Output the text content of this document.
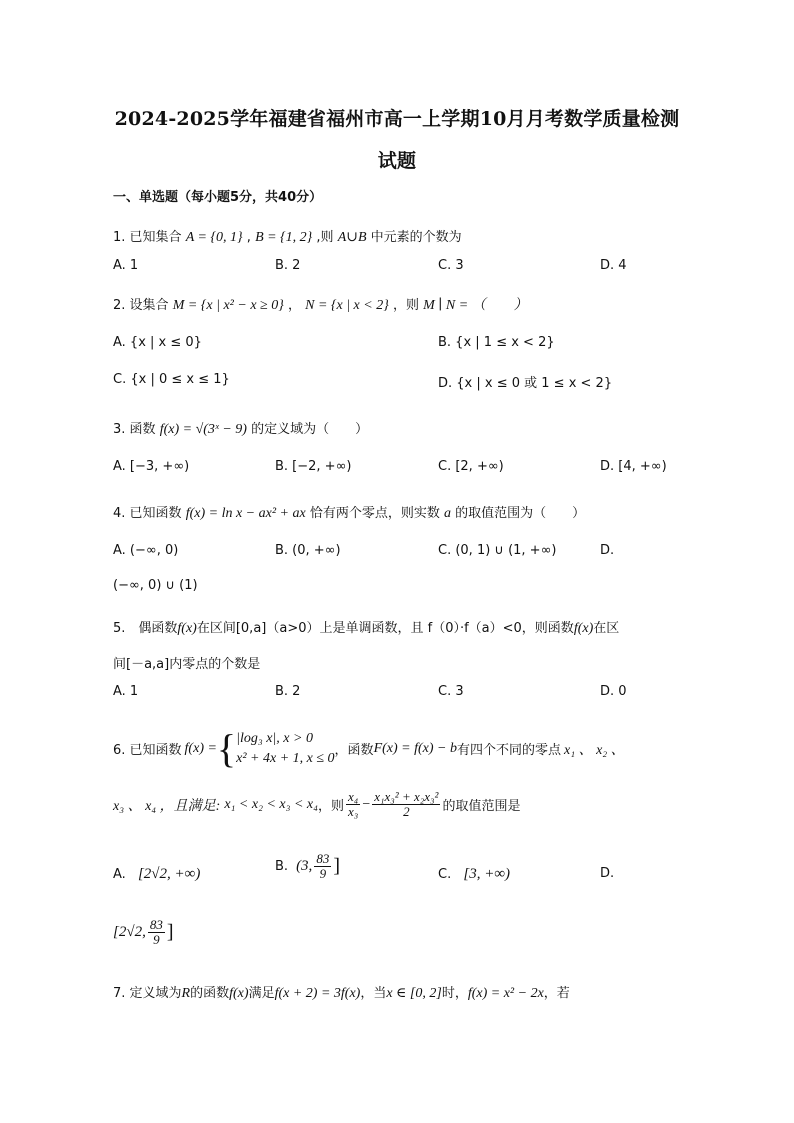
2024-2025学年福建省福州市高一上学期10月月考数学质量检测
试题
一、单选题（每小题5分，共40分）
1. 已知集合 A = {0, 1} , B = {1, 2} ,则 A∪B 中元素的个数为
A. 1	B. 2	C. 3	D. 4
2. 设集合 M = {x | x² − x ≥ 0} ， N = {x | x < 2} ，则 M ∣ N = （　　）
A. {x | x ≤ 0}	B. {x | 1 ≤ x < 2}
C. {x | 0 ≤ x ≤ 1}	D. {x | x ≤ 0 或 1 ≤ x < 2}
3. 函数 f(x) = √(3ˣ − 9) 的定义域为（　　）
A. [−3, +∞)	B. [−2, +∞)	C. [2, +∞)	D. [4, +∞)
4. 已知函数 f(x) = ln x − ax² + ax 恰有两个零点，则实数 a 的取值范围为（　　）
A. (−∞, 0)	B. (0, +∞)	C. (0, 1) ∪ (1, +∞)	D.
(−∞, 0) ∪ (1)
5.　偶函数f(x)在区间[0,a]（a>0）上是单调函数，且 f（0）·f（a）<0，则函数f(x)在区
间[－a,a]内零点的个数是
A. 1	B. 2	C. 3	D. 0
6. 已知函数 f(x) = { |log₃ x|, x > 0
x² + 4x + 1, x ≤ 0 ，函数 F(x) = f(x) − b 有四个不同的零点 x₁ 、 x₂ 、
x₃ 、 x₄ ，且满足: x₁ < x₂ < x₃ < x₄ ，则 $\frac{\text{x₄}}{\text{x₃}} - \frac{\text{x₁x₃² + x₂x₃²}}{2}$ 的取值范围是
A. [2√2, +∞)	B. (3, $\frac{83}{9}$ ]	C. [3, +∞)	D.
[2√2, $\frac{83}{9}$ ]
7. 定义域为R的函数f(x)满足f(x + 2) = 3f(x)，当x ∈ [0, 2]时，f(x) = x² − 2x，若
